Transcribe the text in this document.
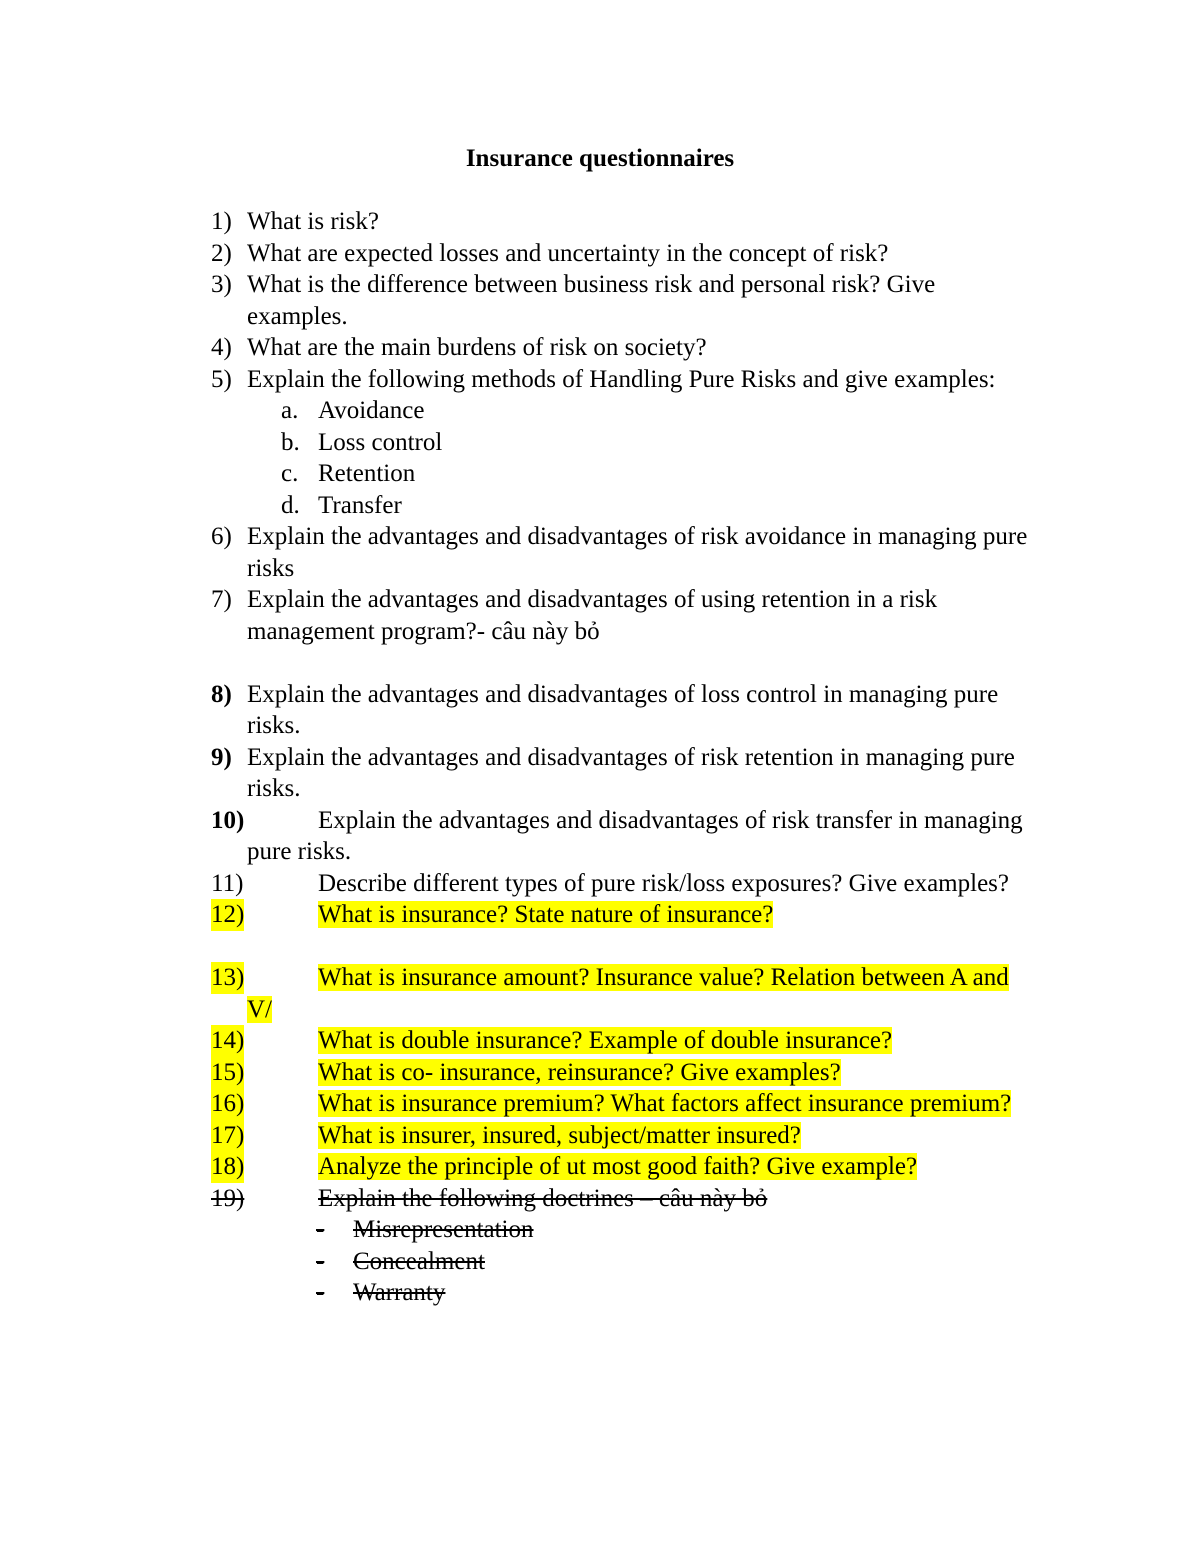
Insurance questionnaires
1) What is risk?
2) What are expected losses and uncertainty in the concept of risk?
3) What is the difference between business risk and personal risk? Give examples.
4) What are the main burdens of risk on society?
5) Explain the following methods of Handling Pure Risks and give examples:
a. Avoidance
b. Loss control
c. Retention
d. Transfer
6) Explain the advantages and disadvantages of risk avoidance in managing pure risks
7) Explain the advantages and disadvantages of using retention in a risk management program?- câu này bỏ
8) Explain the advantages and disadvantages of loss control in managing pure risks.
9) Explain the advantages and disadvantages of risk retention in managing pure risks.
10)	Explain the advantages and disadvantages of risk transfer in managing pure risks.
11)	Describe different types of pure risk/loss exposures? Give examples?
12)	What is insurance? State nature of insurance?
13)	What is insurance amount? Insurance value? Relation between A and V/
14)	What is double insurance? Example of double insurance?
15)	What is co- insurance, reinsurance? Give examples?
16)	What is insurance premium? What factors affect insurance premium?
17)	What is insurer, insured, subject/matter insured?
18)	Analyze the principle of ut most good faith? Give example?
19)	Explain the following doctrines – câu này bỏ
-	Misrepresentation
-	Concealment
-	Warranty
